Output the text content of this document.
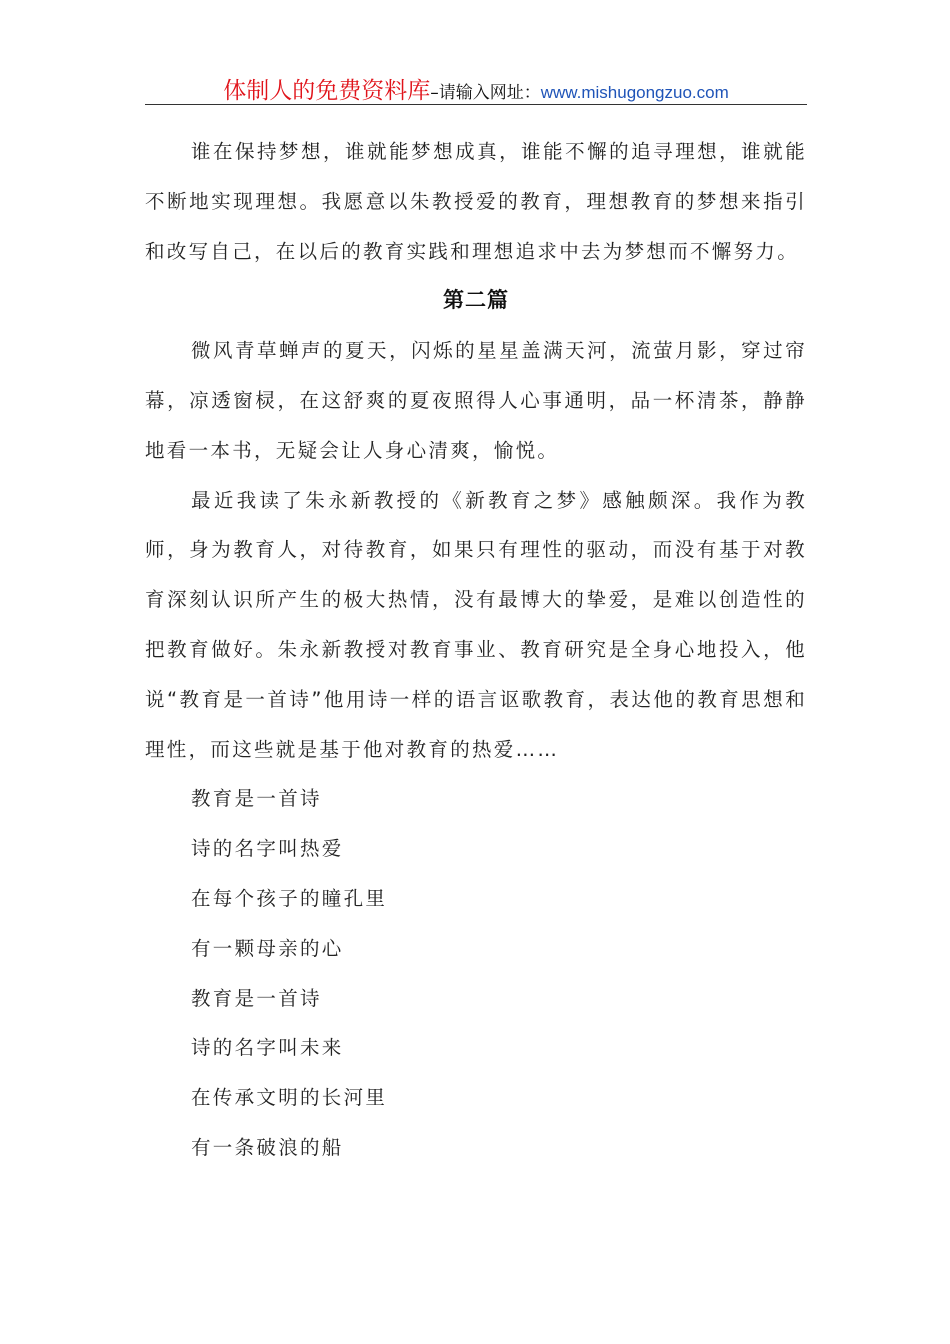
体制人的免费资料库–请输入网址：www.mishugongzuo.com

谁在保持梦想，谁就能梦想成真，谁能不懈的追寻理想，谁就能不断地实现理想。我愿意以朱教授爱的教育，理想教育的梦想来指引和改写自己，在以后的教育实践和理想追求中去为梦想而不懈努力。

第二篇

微风青草蝉声的夏天，闪烁的星星盖满天河，流萤月影，穿过帘幕，凉透窗棂，在这舒爽的夏夜照得人心事通明，品一杯清茶，静静地看一本书，无疑会让人身心清爽，愉悦。

最近我读了朱永新教授的《新教育之梦》感触颇深。我作为教师，身为教育人，对待教育，如果只有理性的驱动，而没有基于对教育深刻认识所产生的极大热情，没有最博大的挚爱，是难以创造性的把教育做好。朱永新教授对教育事业、教育研究是全身心地投入，他说“教育是一首诗”他用诗一样的语言讴歌教育，表达他的教育思想和理性，而这些就是基于他对教育的热爱……

教育是一首诗

诗的名字叫热爱

在每个孩子的瞳孔里

有一颗母亲的心

教育是一首诗

诗的名字叫未来

在传承文明的长河里

有一条破浪的船
